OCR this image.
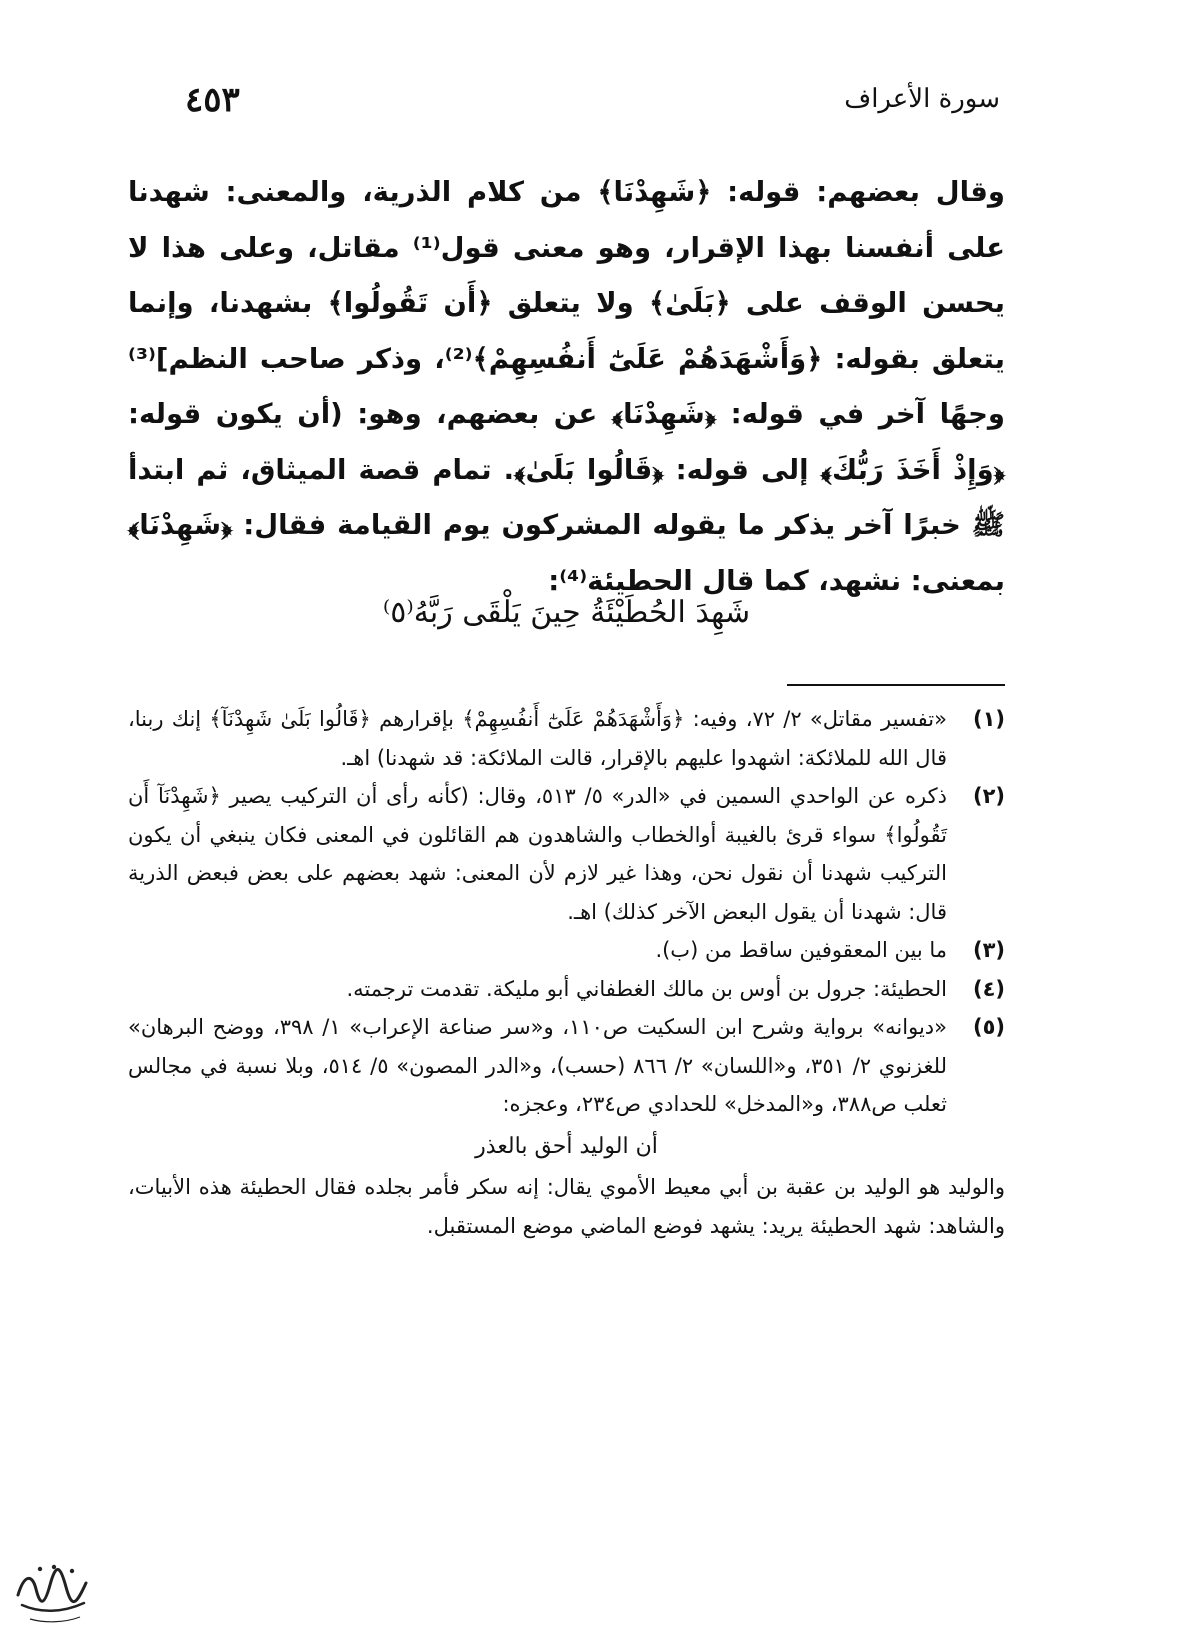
٤٥٣	سورة الأعراف

وقال بعضهم: قوله: ﴿شَهِدْنَا﴾ من كلام الذرية، والمعنى: شهدنا على أنفسنا بهذا الإقرار، وهو معنى قول⁽¹⁾ مقاتل، وعلى هذا لا يحسن الوقف على ﴿بَلَىٰ﴾ ولا يتعلق ﴿أَن تَقُولُوا﴾ بشهدنا، وإنما يتعلق بقوله: ﴿وَأَشْهَدَهُمْ عَلَىٰٓ أَنفُسِهِمْ﴾⁽²⁾، وذكر صاحب النظم]⁽³⁾ وجهًا آخر في قوله: ﴿شَهِدْنَا﴾ عن بعضهم، وهو: (أن يكون قوله: ﴿وَإِذْ أَخَذَ رَبُّكَ﴾ إلى قوله: ﴿قَالُوا بَلَىٰ﴾. تمام قصة الميثاق، ثم ابتدأ ﷺ خبرًا آخر يذكر ما يقوله المشركون يوم القيامة فقال: ﴿شَهِدْنَا﴾ بمعنى: نشهد، كما قال الحطيئة⁽⁴⁾:

شَهِدَ الحُطَيْئَةُ حِينَ يَلْقَى رَبَّهُ⁽٥⁾
(١)
«تفسير مقاتل» ٢/ ٧٢، وفيه: ﴿وَأَشْهَدَهُمْ عَلَىٰٓ أَنفُسِهِمْ﴾ بإقرارهم ﴿قَالُوا بَلَىٰ شَهِدْنَآ﴾ إنك ربنا، قال الله للملائكة: اشهدوا عليهم بالإقرار، قالت الملائكة: قد شهدنا) اهـ.
(٢)
ذكره عن الواحدي السمين في «الدر» ٥/ ٥١٣، وقال: (كأنه رأى أن التركيب يصير ﴿شَهِدْنَآ أَن تَقُولُوا﴾ سواء قرئ بالغيبة أوالخطاب والشاهدون هم القائلون في المعنى فكان ينبغي أن يكون التركيب شهدنا أن نقول نحن، وهذا غير لازم لأن المعنى: شهد بعضهم على بعض فبعض الذرية قال: شهدنا أن يقول البعض الآخر كذلك) اهـ.
(٣)
ما بين المعقوفين ساقط من (ب).
(٤)
الحطيئة: جرول بن أوس بن مالك الغطفاني أبو مليكة. تقدمت ترجمته.
(٥)
«ديوانه» برواية وشرح ابن السكيت ص١١٠، و«سر صناعة الإعراب» ١/ ٣٩٨، ووضح البرهان» للغزنوي ٢/ ٣٥١، و«اللسان» ٢/ ٨٦٦ (حسب)، و«الدر المصون» ٥/ ٥١٤، وبلا نسبة في مجالس ثعلب ص٣٨٨، و«المدخل» للحدادي ص٢٣٤، وعجزه:
أن الوليد أحق بالعذر
والوليد هو الوليد بن عقبة بن أبي معيط الأموي يقال: إنه سكر فأمر بجلده فقال الحطيئة هذه الأبيات، والشاهد: شهد الحطيئة يريد: يشهد فوضع الماضي موضع المستقبل.
